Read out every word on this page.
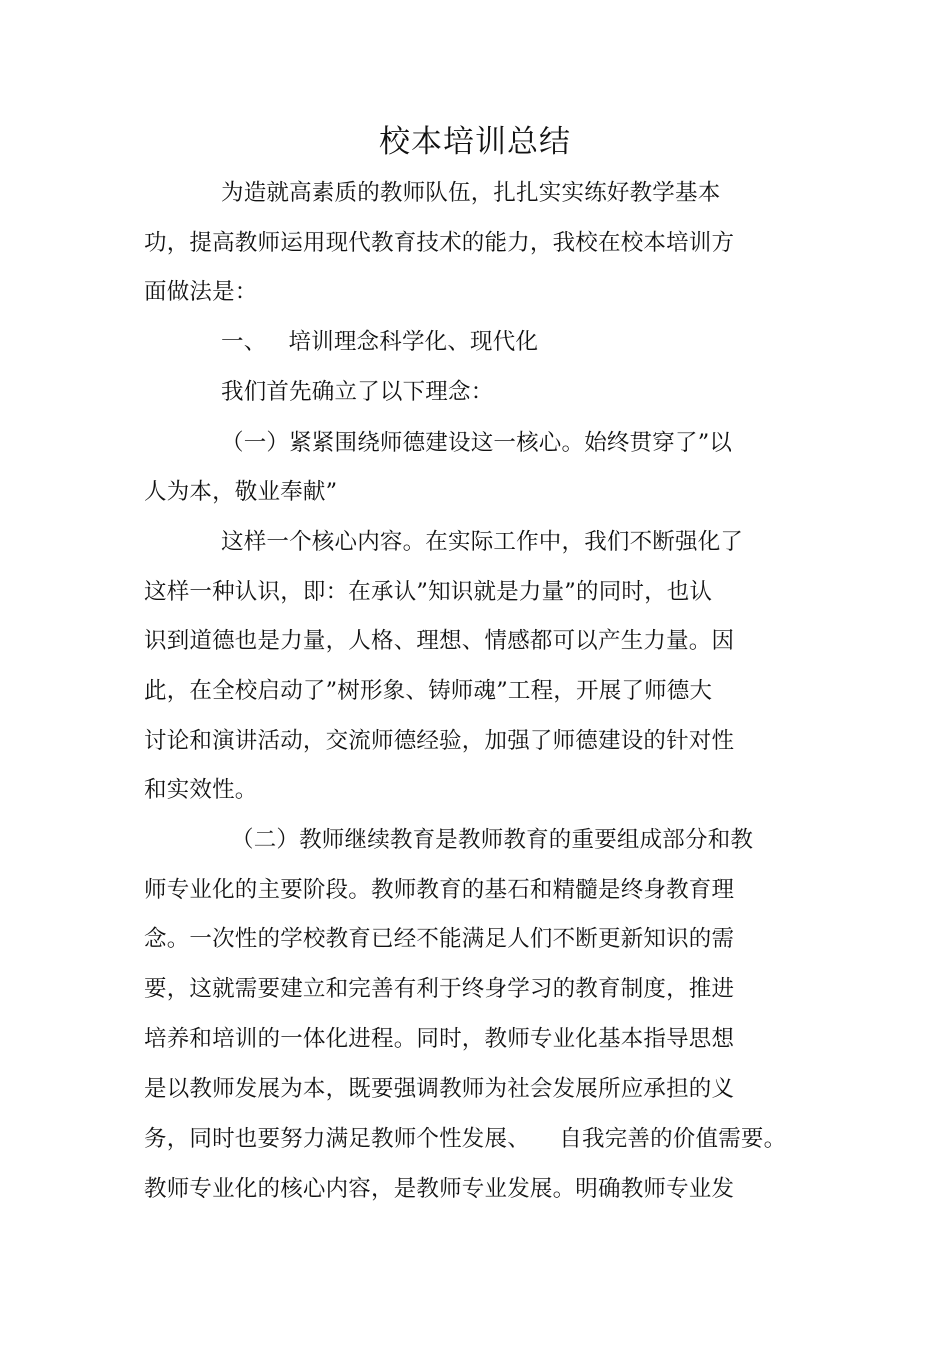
校本培训总结
为造就高素质的教师队伍，扎扎实实练好教学基本
功，提高教师运用现代教育技术的能力，我校在校本培训方
面做法是：
一、   培训理念科学化、现代化
我们首先确立了以下理念：
（一）紧紧围绕师德建设这一核心。始终贯穿了”以
人为本，敬业奉献”
这样一个核心内容。在实际工作中，我们不断强化了
这样一种认识，即：在承认”知识就是力量”的同时，也认
识到道德也是力量，人格、理想、情感都可以产生力量。因
此，在全校启动了”树形象、铸师魂”工程，开展了师德大
讨论和演讲活动，交流师德经验，加强了师德建设的针对性
和实效性。
（二）教师继续教育是教师教育的重要组成部分和教
师专业化的主要阶段。教师教育的基石和精髓是终身教育理
念。一次性的学校教育已经不能满足人们不断更新知识的需
要，这就需要建立和完善有利于终身学习的教育制度，推进
培养和培训的一体化进程。同时，教师专业化基本指导思想
是以教师发展为本，既要强调教师为社会发展所应承担的义
务，同时也要努力满足教师个性发展、    自我完善的价值需要。
教师专业化的核心内容，是教师专业发展。明确教师专业发
